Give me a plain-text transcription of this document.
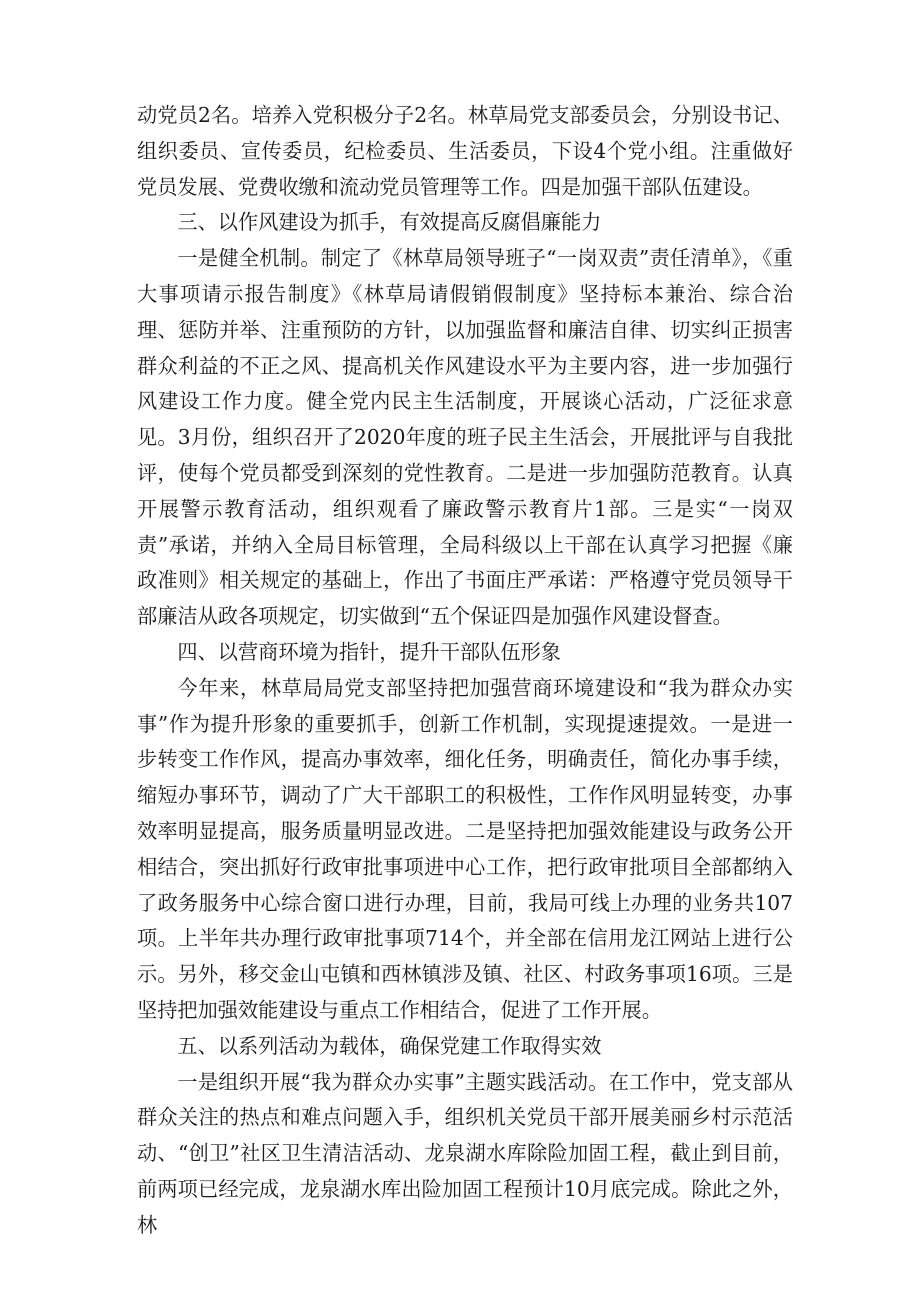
动党员2名。培养入党积极分子2名。林草局党支部委员会，分别设书记、组织委员、宣传委员，纪检委员、生活委员，下设4个党小组。注重做好党员发展、党费收缴和流动党员管理等工作。四是加强干部队伍建设。

三、以作风建设为抓手，有效提高反腐倡廉能力

一是健全机制。制定了《林草局领导班子“一岗双责”责任清单》，《重大事项请示报告制度》《林草局请假销假制度》坚持标本兼治、综合治理、惩防并举、注重预防的方针，以加强监督和廉洁自律、切实纠正损害群众利益的不正之风、提高机关作风建设水平为主要内容，进一步加强行风建设工作力度。健全党内民主生活制度，开展谈心活动，广泛征求意见。3月份，组织召开了2020年度的班子民主生活会，开展批评与自我批评，使每个党员都受到深刻的党性教育。二是进一步加强防范教育。认真开展警示教育活动，组织观看了廉政警示教育片1部。三是实“一岗双责”承诺，并纳入全局目标管理，全局科级以上干部在认真学习把握《廉政准则》相关规定的基础上，作出了书面庄严承诺：严格遵守党员领导干部廉洁从政各项规定，切实做到“五个保证四是加强作风建设督查。

四、以营商环境为指针，提升干部队伍形象

今年来，林草局局党支部坚持把加强营商环境建设和“我为群众办实事”作为提升形象的重要抓手，创新工作机制，实现提速提效。一是进一步转变工作作风，提高办事效率，细化任务，明确责任，简化办事手续，缩短办事环节，调动了广大干部职工的积极性，工作作风明显转变，办事效率明显提高，服务质量明显改进。二是坚持把加强效能建设与政务公开相结合，突出抓好行政审批事项进中心工作，把行政审批项目全部都纳入了政务服务中心综合窗口进行办理，目前，我局可线上办理的业务共107项。上半年共办理行政审批事项714个，并全部在信用龙江网站上进行公示。另外，移交金山屯镇和西林镇涉及镇、社区、村政务事项16项。三是坚持把加强效能建设与重点工作相结合，促进了工作开展。

五、以系列活动为载体，确保党建工作取得实效

一是组织开展“我为群众办实事”主题实践活动。在工作中，党支部从群众关注的热点和难点问题入手，组织机关党员干部开展美丽乡村示范活动、“创卫”社区卫生清洁活动、龙泉湖水库除险加固工程，截止到目前，前两项已经完成，龙泉湖水库出险加固工程预计10月底完成。除此之外，林
